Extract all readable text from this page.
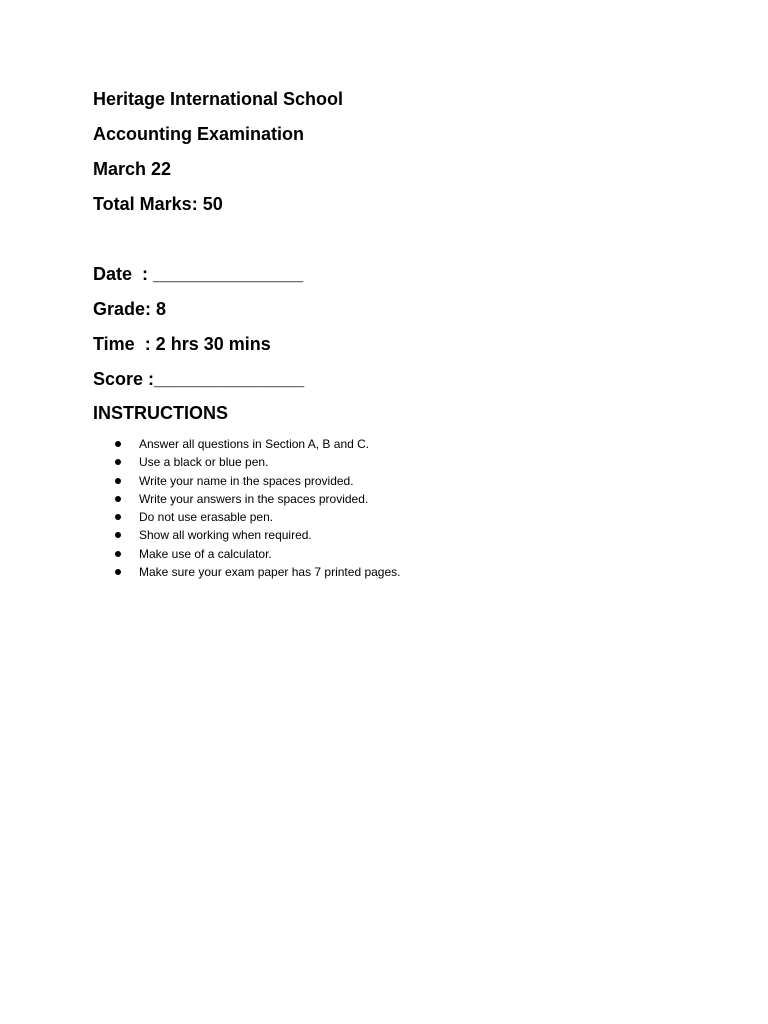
Heritage International School
Accounting Examination
March 22
Total Marks: 50
Date  : _______________
Grade: 8
Time  : 2 hrs 30 mins
Score :_______________
INSTRUCTIONS
Answer all questions in Section A, B and C.
Use a black or blue pen.
Write your name in the spaces provided.
Write your answers in the spaces provided.
Do not use erasable pen.
Show all working when required.
Make use of a calculator.
Make sure your exam paper has 7 printed pages.
